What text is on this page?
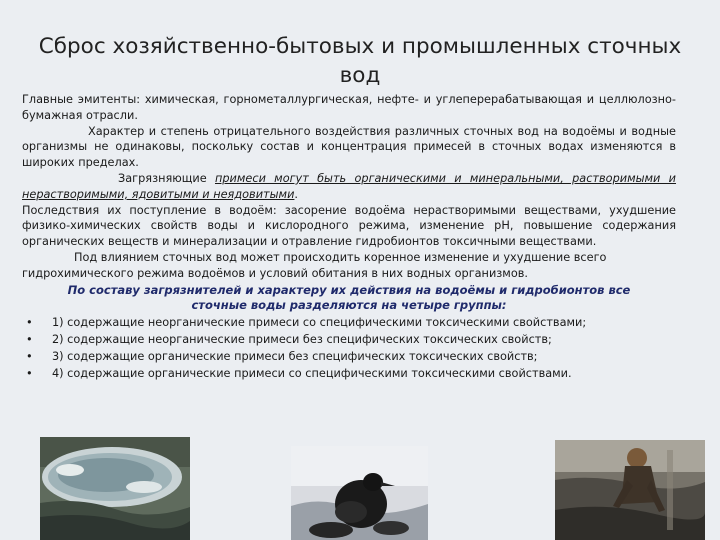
Сброс хозяйственно-бытовых и промышленных сточных вод

Главные эмитенты: химическая, горнометаллургическая, нефте- и углеперерабатывающая и целлюлозно-бумажная отрасли.

Характер и степень отрицательного воздействия различных сточных вод на водоёмы и водные организмы не одинаковы, поскольку состав и концентрация примесей в сточных водах изменяются в широких пределах.

Загрязняющие примеси могут быть органическими и минеральными, растворимыми и нерастворимыми, ядовитыми и неядовитыми.

Последствия их поступление в водоём: засорение водоёма нерастворимыми веществами, ухудшение физико-химических свойств воды и кислородного режима, изменение pH, повышение содержания органических веществ и минерализации и отравление гидробионтов токсичными веществами.

Под влиянием сточных вод может происходить коренное изменение и ухудшение всего гидрохимического режима водоёмов и условий обитания в них водных организмов.

По составу загрязнителей и характеру их действия на водоёмы и гидробионтов все сточные воды разделяются на четыре группы:

• 1) содержащие неорганические примеси со специфическими токсическими свойствами;
• 2) содержащие неорганические примеси без специфических токсических свойств;
• 3) содержащие органические примеси без специфических токсических свойств;
• 4) содержащие органические примеси со специфическими токсическими свойствами.
